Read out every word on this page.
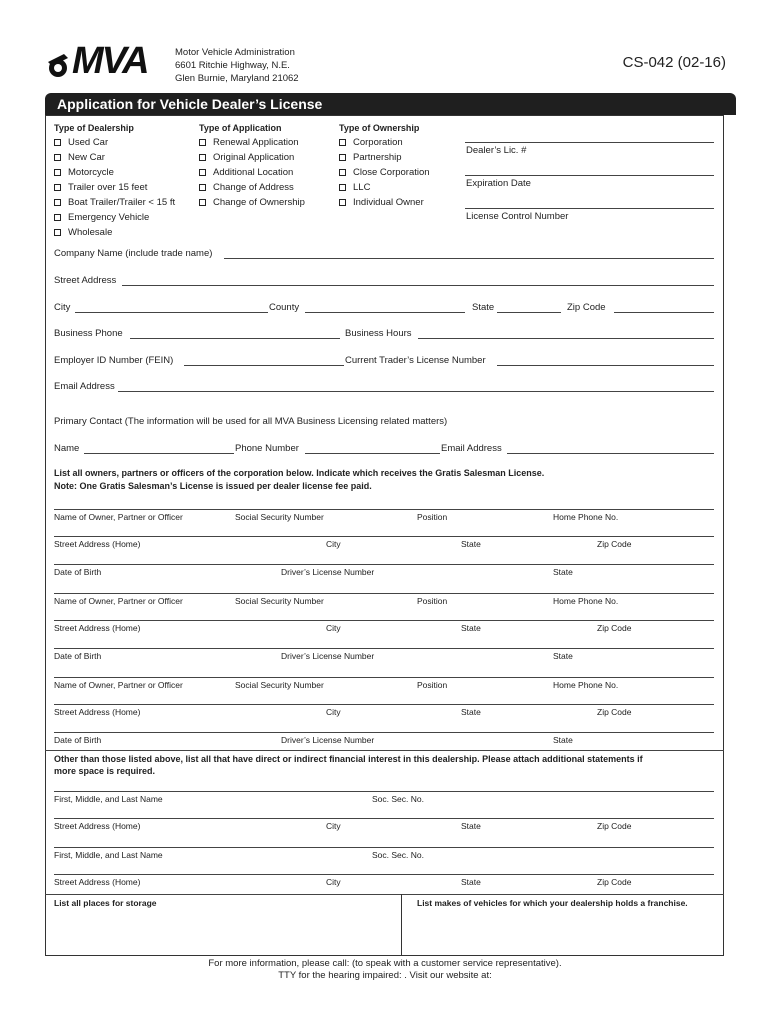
MVA	Motor Vehicle Administration
6601 Ritchie Highway, N.E.
Glen Burnie, Maryland 21062
CS-042 (02-16)
Application for Vehicle Dealer’s License
Type of Dealership
Used Car
New Car
Motorcycle
Trailer over 15 feet
Boat Trailer/Trailer < 15 ft
Emergency Vehicle
Wholesale
Type of Application
Renewal Application
Original Application
Additional Location
Change of Address
Change of Ownership
Type of Ownership
Corporation
Partnership
Close Corporation
LLC
Individual Owner
Dealer’s Lic. #
Expiration Date
License Control Number
Company Name (include trade name)
Street Address
City	County	State	Zip Code
Business Phone	Business Hours
Employer ID Number (FEIN)	Current Trader’s License Number
Email Address
Primary Contact (The information will be used for all MVA Business Licensing related matters)
Name	Phone Number	Email Address
List all owners, partners or officers of the corporation below. Indicate which receives the Gratis Salesman License.
Note: One Gratis Salesman’s License is issued per dealer license fee paid.
Name of Owner, Partner or Officer	Social Security Number	Position	Home Phone No.
Street Address (Home)	City	State	Zip Code
Date of Birth	Driver’s License Number	State
Name of Owner, Partner or Officer	Social Security Number	Position	Home Phone No.
Street Address (Home)	City	State	Zip Code
Date of Birth	Driver’s License Number	State
Name of Owner, Partner or Officer	Social Security Number	Position	Home Phone No.
Street Address (Home)	City	State	Zip Code
Date of Birth	Driver’s License Number	State
Other than those listed above, list all that have direct or indirect financial interest in this dealership. Please attach additional statements if
more space is required.
First, Middle, and Last Name	Soc. Sec. No.
Street Address (Home)	City	State	Zip Code
First, Middle, and Last Name	Soc. Sec. No.
Street Address (Home)	City	State	Zip Code
List all places for storage	List makes of vehicles for which your dealership holds a franchise.
For more information, please call: (to speak with a customer service representative).
TTY for the hearing impaired: . Visit our website at:
